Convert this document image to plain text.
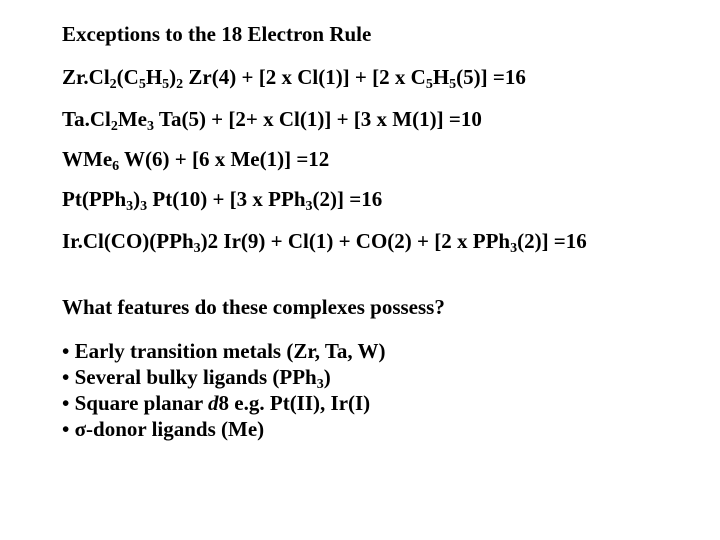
Exceptions to the 18 Electron Rule
$Zr.Cl_2(C_5H_5)_2$ Zr(4) + [2 x Cl(1)] + [2 x $C_5H_5(5)] =16$
$Ta.Cl_2Me_3$ Ta(5) + [2+ x Cl(1)] + [3 x M(1)] =10
WMe$_6$ W(6) + [6 x Me(1)] =12
$Pt(PPh_3)_3$ Pt(10) + [3 x PPh$_3$(2)] =16
Ir.Cl(CO)(PPh$_3$)2 Ir(9) + Cl(1) + CO(2) + [2 x PPh$_3$(2)] =16
What features do these complexes possess?
• Early transition metals (Zr, Ta, W)
• Several bulky ligands (PPh$_3$)
• Square planar d8 e.g. Pt(II), Ir(I)
• σ-donor ligands (Me)
